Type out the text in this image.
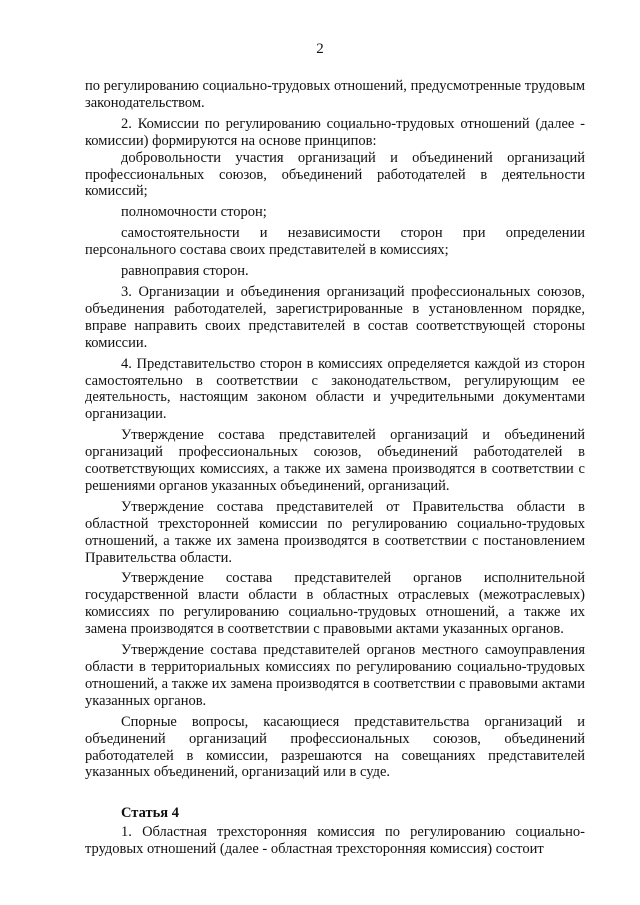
2

по регулированию социально-трудовых отношений, предусмотренные трудовым законодательством.

2. Комиссии по регулированию социально-трудовых отношений (далее - комиссии) формируются на основе принципов:

добровольности участия организаций и объединений организаций профессиональных союзов, объединений работодателей в деятельности комиссий;

полномочности сторон;

самостоятельности и независимости сторон при определении персонального состава своих представителей в комиссиях;

равноправия сторон.

3. Организации и объединения организаций профессиональных союзов, объединения работодателей, зарегистрированные в установленном порядке, вправе направить своих представителей в состав соответствующей стороны комиссии.

4. Представительство сторон в комиссиях определяется каждой из сторон самостоятельно в соответствии с законодательством, регулирующим ее деятельность, настоящим законом области и учредительными документами организации.

Утверждение состава представителей организаций и объединений организаций профессиональных союзов, объединений работодателей в соответствующих комиссиях, а также их замена производятся в соответствии с решениями органов указанных объединений, организаций.

Утверждение состава представителей от Правительства области в областной трехсторонней комиссии по регулированию социально-трудовых отношений, а также их замена производятся в соответствии с постановлением Правительства области.

Утверждение состава представителей органов исполнительной государственной власти области в областных отраслевых (межотраслевых) комиссиях по регулированию социально-трудовых отношений, а также их замена производятся в соответствии с правовыми актами указанных органов.

Утверждение состава представителей органов местного самоуправления области в территориальных комиссиях по регулированию социально-трудовых отношений, а также их замена производятся в соответствии с правовыми актами указанных органов.

Спорные вопросы, касающиеся представительства организаций и объединений организаций профессиональных союзов, объединений работодателей в комиссии, разрешаются на совещаниях представителей указанных объединений, организаций или в суде.

Статья 4

1. Областная трехсторонняя комиссия по регулированию социально-трудовых отношений (далее - областная трехсторонняя комиссия) состоит
